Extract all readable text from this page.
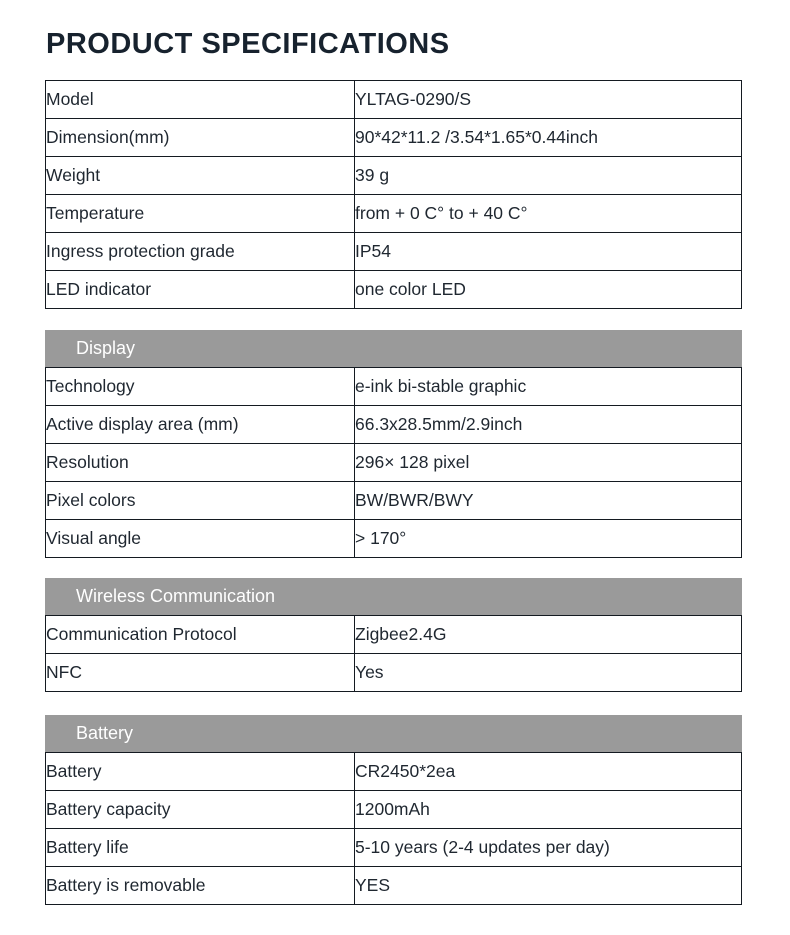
PRODUCT SPECIFICATIONS
Model	YLTAG-0290/S
Dimension(mm)	90*42*11.2 /3.54*1.65*0.44inch
Weight	39 g
Temperature	from + 0 C° to + 40 C°
Ingress protection grade	IP54
LED indicator	one color LED
Display
Technology	e-ink bi-stable graphic
Active display area (mm)	66.3x28.5mm/2.9inch
Resolution	296× 128 pixel
Pixel colors	BW/BWR/BWY
Visual angle	> 170°
Wireless Communication
Communication Protocol	Zigbee2.4G
NFC	Yes
Battery
Battery	CR2450*2ea
Battery capacity	1200mAh
Battery life	5-10 years (2-4 updates per day)
Battery is removable	YES
